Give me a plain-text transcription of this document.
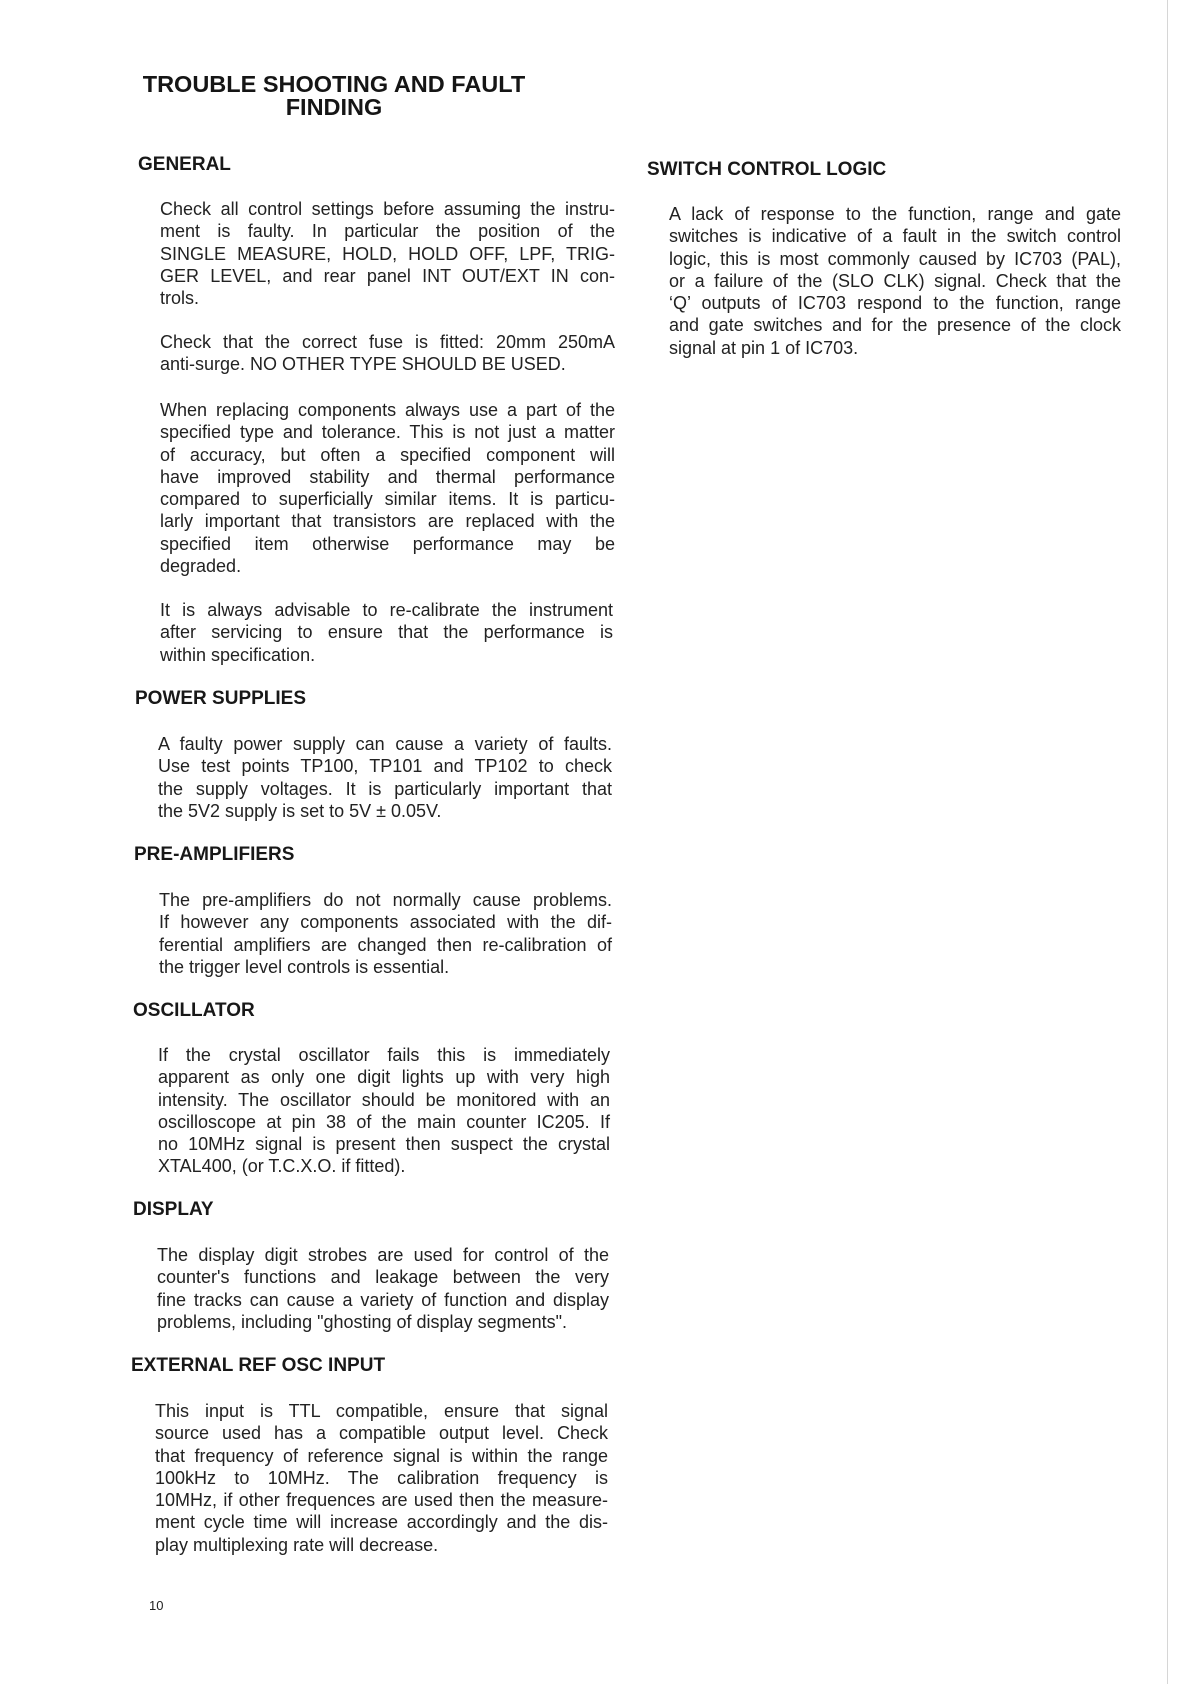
TROUBLE SHOOTING AND FAULT
FINDING
GENERAL
Check all control settings before assuming the instru-
ment is faulty. In particular the position of the
SINGLE MEASURE, HOLD, HOLD OFF, LPF, TRIG-
GER LEVEL, and rear panel INT OUT/EXT IN con-
trols.
Check that the correct fuse is fitted: 20mm 250mA
anti-surge. NO OTHER TYPE SHOULD BE USED.
When replacing components always use a part of the
specified type and tolerance. This is not just a matter
of accuracy, but often a specified component will
have improved stability and thermal performance
compared to superficially similar items. It is particu-
larly important that transistors are replaced with the
specified item otherwise performance may be
degraded.
It is always advisable to re-calibrate the instrument
after servicing to ensure that the performance is
within specification.
POWER SUPPLIES
A faulty power supply can cause a variety of faults.
Use test points TP100, TP101 and TP102 to check
the supply voltages. It is particularly important that
the 5V2 supply is set to 5V ± 0.05V.
PRE-AMPLIFIERS
The pre-amplifiers do not normally cause problems.
If however any components associated with the dif-
ferential amplifiers are changed then re-calibration of
the trigger level controls is essential.
OSCILLATOR
If the crystal oscillator fails this is immediately
apparent as only one digit lights up with very high
intensity. The oscillator should be monitored with an
oscilloscope at pin 38 of the main counter IC205. If
no 10MHz signal is present then suspect the crystal
XTAL400, (or T.C.X.O. if fitted).
DISPLAY
The display digit strobes are used for control of the
counter's functions and leakage between the very
fine tracks can cause a variety of function and display
problems, including "ghosting of display segments".
EXTERNAL REF OSC INPUT
This input is TTL compatible, ensure that signal
source used has a compatible output level. Check
that frequency of reference signal is within the range
100kHz to 10MHz. The calibration frequency is
10MHz, if other frequences are used then the measure-
ment cycle time will increase accordingly and the dis-
play multiplexing rate will decrease.
SWITCH CONTROL LOGIC
A lack of response to the function, range and gate
switches is indicative of a fault in the switch control
logic, this is most commonly caused by IC703 (PAL),
or a failure of the (SLO CLK) signal. Check that the
‘Q’ outputs of IC703 respond to the function, range
and gate switches and for the presence of the clock
signal at pin 1 of IC703.
10
